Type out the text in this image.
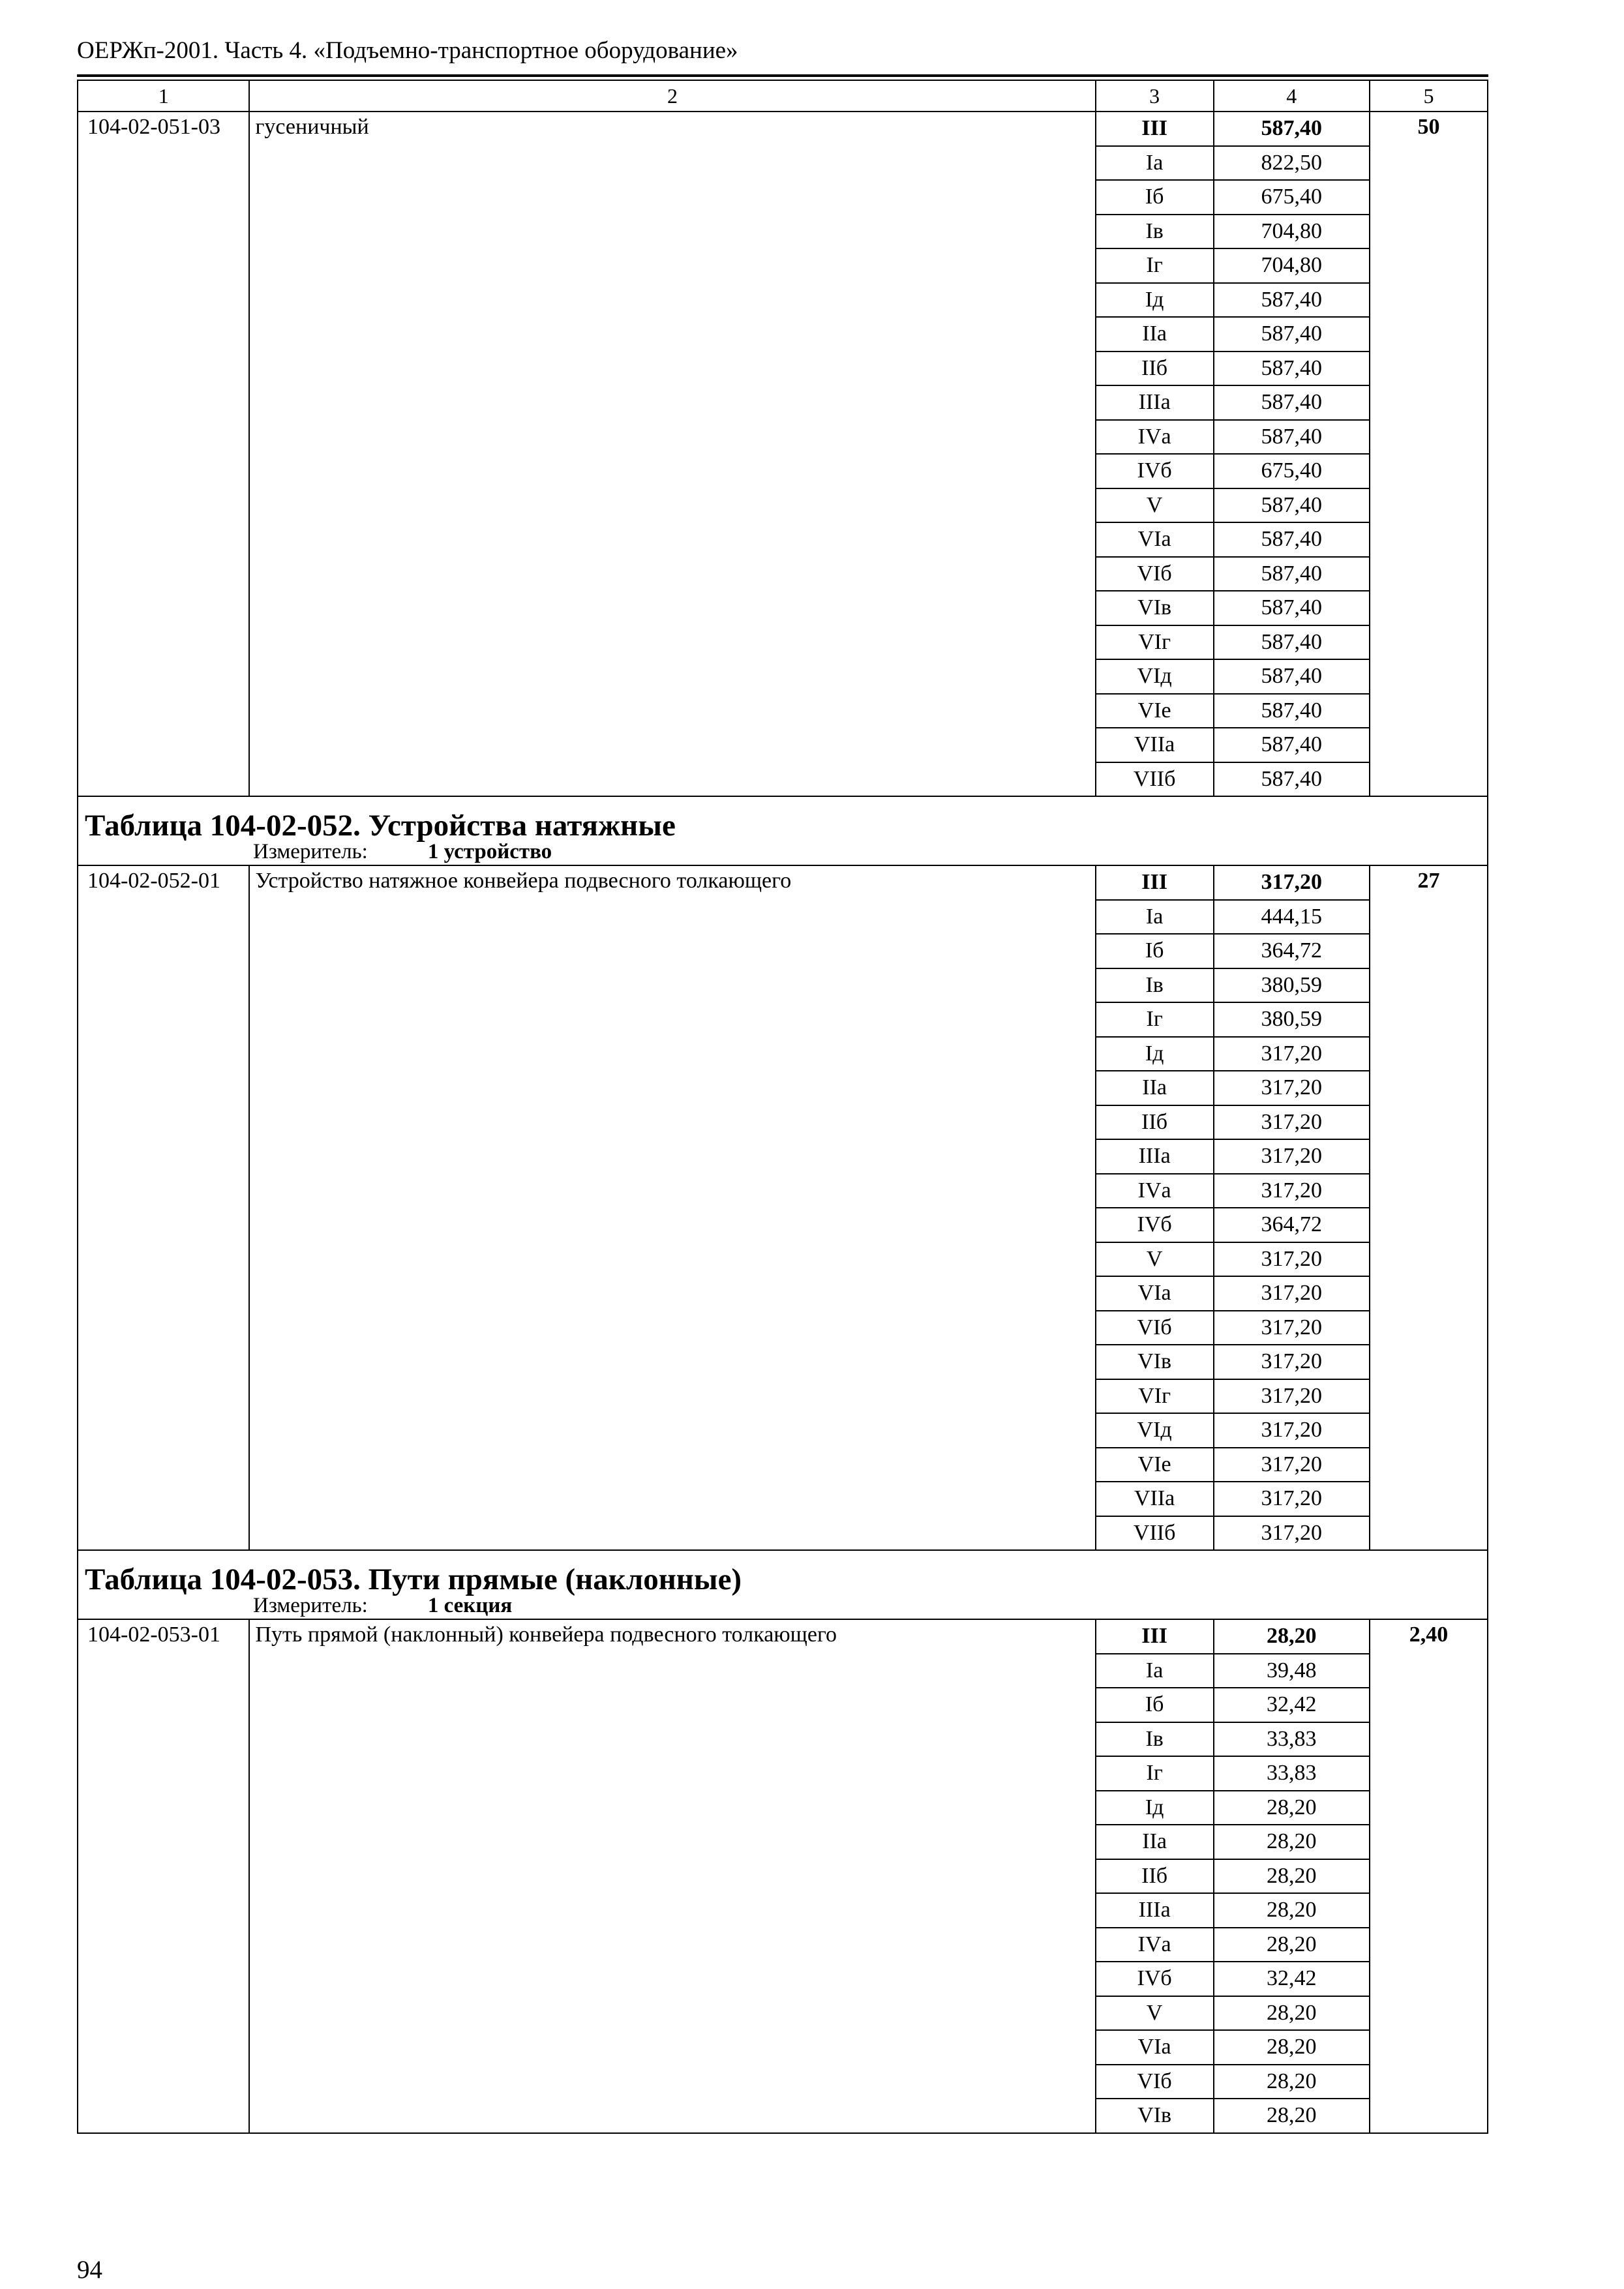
ОЕРЖп-2001. Часть 4. «Подъемно-транспортное оборудование»
1	2	3	4	5
104-02-051-03	гусеничный	III	587,40	50
		Iа	822,50	
		Iб	675,40	
		Iв	704,80	
		Iг	704,80	
		Iд	587,40	
		IIа	587,40	
		IIб	587,40	
		IIIа	587,40	
		IVа	587,40	
		IVб	675,40	
		V	587,40	
		VIа	587,40	
		VIб	587,40	
		VIв	587,40	
		VIг	587,40	
		VIд	587,40	
		VIе	587,40	
		VIIа	587,40	
		VIIб	587,40	
Таблица 104-02-052. Устройства натяжные				
Измеритель: 1 устройство				
104-02-052-01	Устройство натяжное конвейера подвесного толкающего	III	317,20	27
		Iа	444,15	
		Iб	364,72	
		Iв	380,59	
		Iг	380,59	
		Iд	317,20	
		IIа	317,20	
		IIб	317,20	
		IIIа	317,20	
		IVа	317,20	
		IVб	364,72	
		V	317,20	
		VIа	317,20	
		VIб	317,20	
		VIв	317,20	
		VIг	317,20	
		VIд	317,20	
		VIе	317,20	
		VIIа	317,20	
		VIIб	317,20	
Таблица 104-02-053. Пути прямые (наклонные)				
Измеритель: 1 секция				
104-02-053-01	Путь прямой (наклонный) конвейера подвесного толкающего	III	28,20	2,40
		Iа	39,48	
		Iб	32,42	
		Iв	33,83	
		Iг	33,83	
		Iд	28,20	
		IIа	28,20	
		IIб	28,20	
		IIIа	28,20	
		IVа	28,20	
		IVб	32,42	
		V	28,20	
		VIа	28,20	
		VIб	28,20	
		VIв	28,20	
94
